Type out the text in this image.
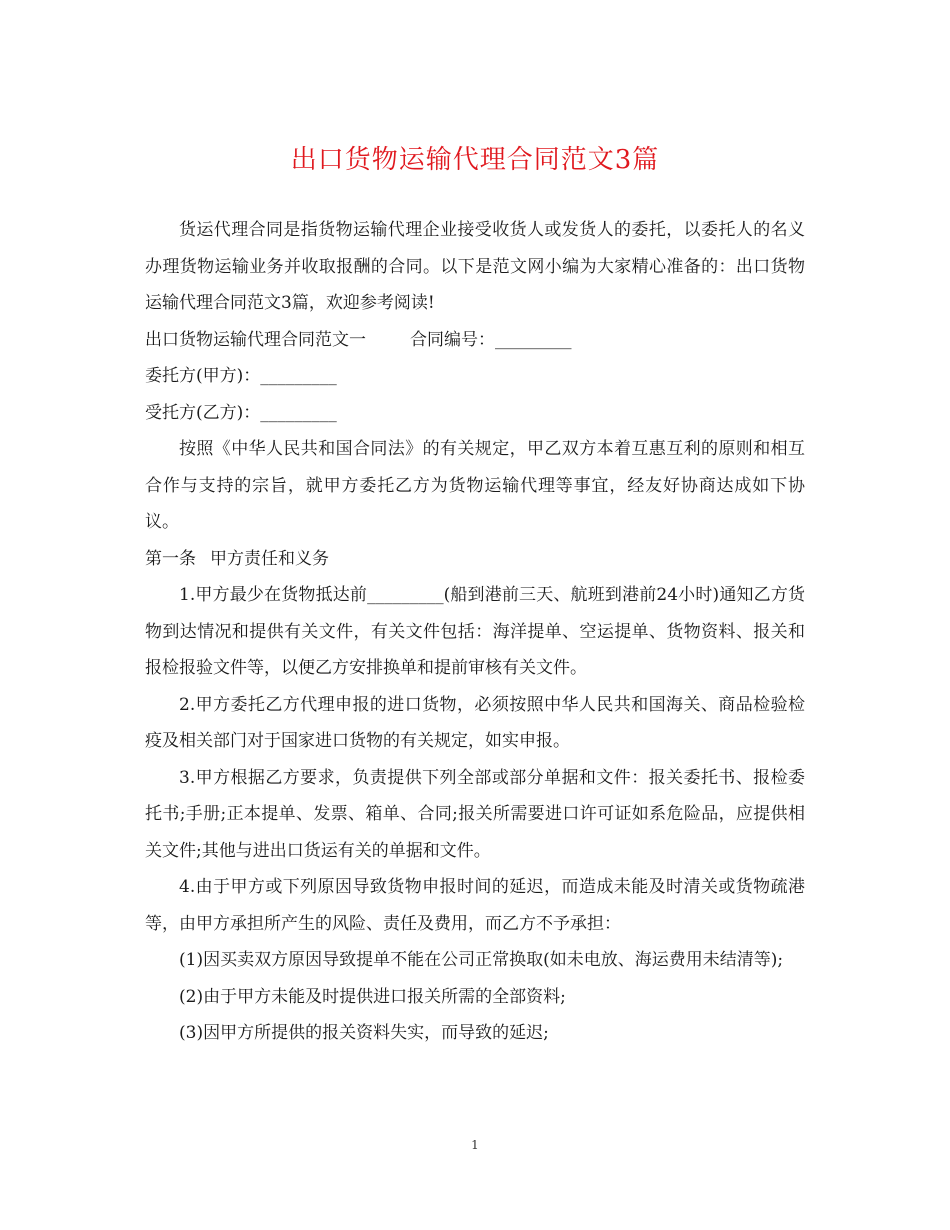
出口货物运输代理合同范文3篇

货运代理合同是指货物运输代理企业接受收货人或发货人的委托，以委托人的名义办理货物运输业务并收取报酬的合同。以下是范文网小编为大家精心准备的：出口货物运输代理合同范文3篇，欢迎参考阅读!

出口货物运输代理合同范文一	合同编号：_________

委托方(甲方)：_________

受托方(乙方)：_________

按照《中华人民共和国合同法》的有关规定，甲乙双方本着互惠互利的原则和相互合作与支持的宗旨，就甲方委托乙方为货物运输代理等事宜，经友好协商达成如下协议。

第一条 甲方责任和义务

1.甲方最少在货物抵达前_________(船到港前三天、航班到港前24小时)通知乙方货物到达情况和提供有关文件，有关文件包括：海洋提单、空运提单、货物资料、报关和报检报验文件等，以便乙方安排换单和提前审核有关文件。

2.甲方委托乙方代理申报的进口货物，必须按照中华人民共和国海关、商品检验检疫及相关部门对于国家进口货物的有关规定，如实申报。

3.甲方根据乙方要求，负责提供下列全部或部分单据和文件：报关委托书、报检委托书;手册;正本提单、发票、箱单、合同;报关所需要进口许可证如系危险品，应提供相关文件;其他与进出口货运有关的单据和文件。

4.由于甲方或下列原因导致货物申报时间的延迟，而造成未能及时清关或货物疏港等，由甲方承担所产生的风险、责任及费用，而乙方不予承担：

(1)因买卖双方原因导致提单不能在公司正常换取(如未电放、海运费用未结清等);

(2)由于甲方未能及时提供进口报关所需的全部资料;

(3)因甲方所提供的报关资料失实，而导致的延迟;

1
